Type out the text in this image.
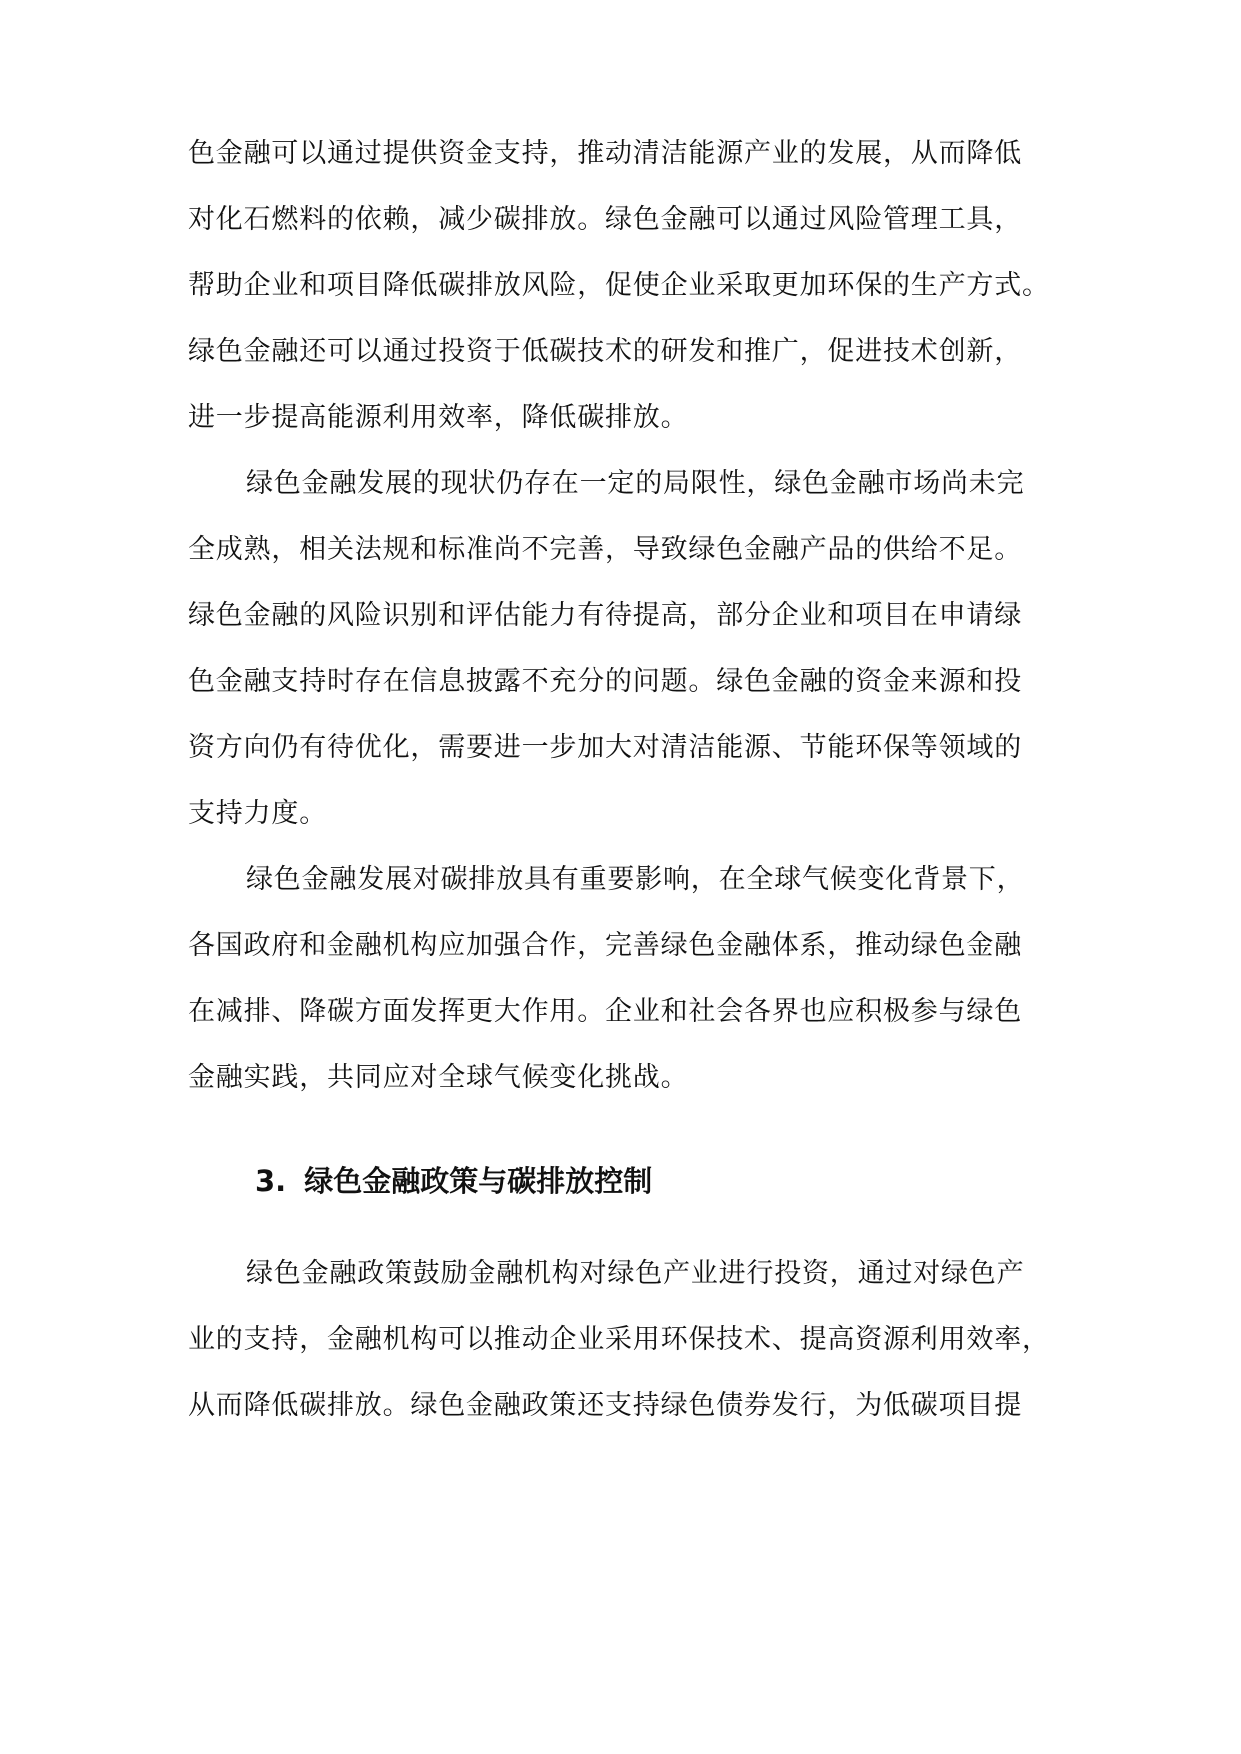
色金融可以通过提供资金支持，推动清洁能源产业的发展，从而降低
对化石燃料的依赖，减少碳排放。绿色金融可以通过风险管理工具，
帮助企业和项目降低碳排放风险，促使企业采取更加环保的生产方式。
绿色金融还可以通过投资于低碳技术的研发和推广，促进技术创新，
进一步提高能源利用效率，降低碳排放。
绿色金融发展的现状仍存在一定的局限性，绿色金融市场尚未完
全成熟，相关法规和标准尚不完善，导致绿色金融产品的供给不足。
绿色金融的风险识别和评估能力有待提高，部分企业和项目在申请绿
色金融支持时存在信息披露不充分的问题。绿色金融的资金来源和投
资方向仍有待优化，需要进一步加大对清洁能源、节能环保等领域的
支持力度。
绿色金融发展对碳排放具有重要影响，在全球气候变化背景下，
各国政府和金融机构应加强合作，完善绿色金融体系，推动绿色金融
在减排、降碳方面发挥更大作用。企业和社会各界也应积极参与绿色
金融实践，共同应对全球气候变化挑战。
3. 绿色金融政策与碳排放控制
绿色金融政策鼓励金融机构对绿色产业进行投资，通过对绿色产
业的支持，金融机构可以推动企业采用环保技术、提高资源利用效率，
从而降低碳排放。绿色金融政策还支持绿色债券发行，为低碳项目提
